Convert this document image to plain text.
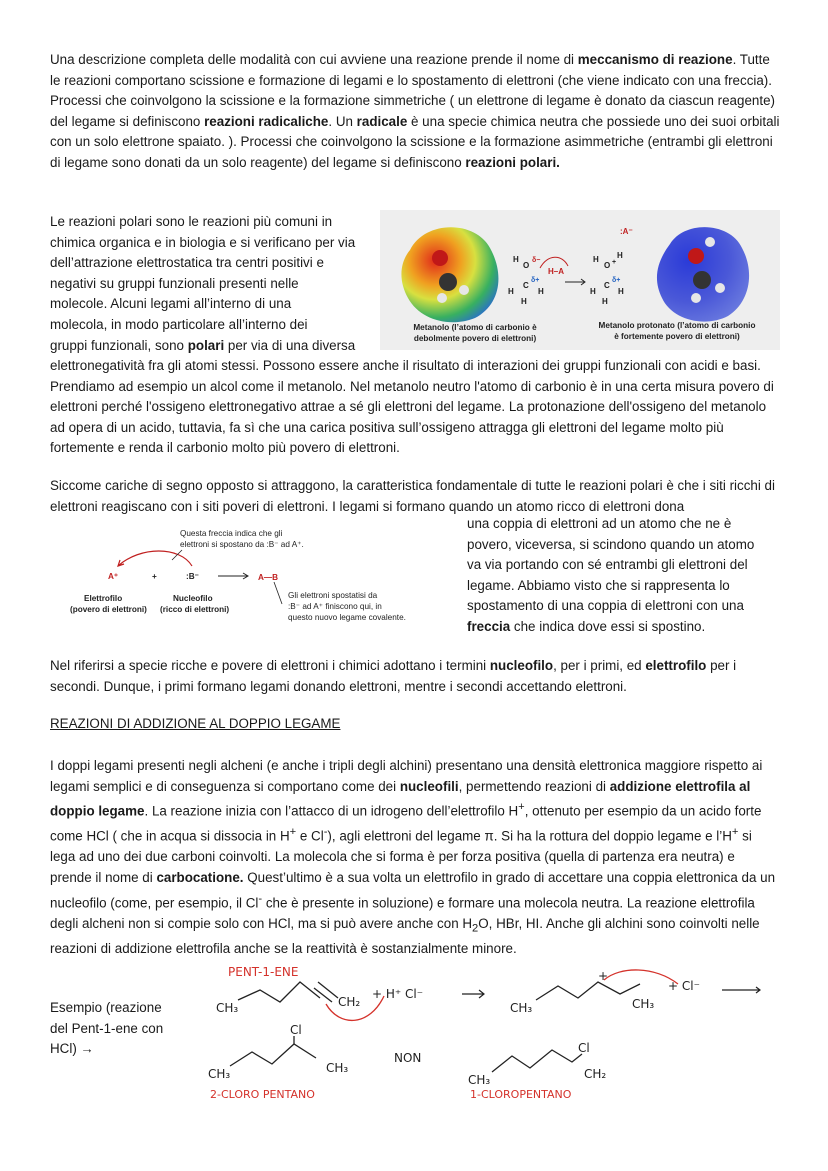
Una descrizione completa delle modalità con cui avviene una reazione prende il nome di meccanismo di reazione. Tutte le reazioni comportano scissione e formazione di legami e lo spostamento di elettroni (che viene indicato con una freccia). Processi che coinvolgono la scissione e la formazione simmetriche ( un elettrone di legame è donato da ciascun reagente) del legame si definiscono reazioni radicaliche. Un radicale è una specie chimica neutra che possiede uno dei suoi orbitali con un solo elettrone spaiato. ). Processi che coinvolgono la scissione e la formazione asimmetriche (entrambi gli elettroni di legame sono donati da un solo reagente) del legame si definiscono reazioni polari.

Le reazioni polari sono le reazioni più comuni in
chimica organica e in biologia e si verificano per via
dell’attrazione elettrostatica tra centri positivi e
negativi su gruppi funzionali presenti nelle
molecole. Alcuni legami all’interno di una
molecola, in modo particolare all’interno dei
gruppi funzionali, sono polari per via di una diversa

elettronegatività fra gli atomi stessi. Possono essere anche il risultato di interazioni dei gruppi funzionali con acidi e basi. Prendiamo ad esempio un alcol come il metanolo. Nel metanolo neutro l'atomo di carbonio è in una certa misura povero di elettroni perché l'ossigeno elettronegativo attrae a sé gli elettroni del legame. La protonazione dell'ossigeno del metanolo ad opera di un acido, tuttavia, fa sì che una carica positiva sull’ossigeno attragga gli elettroni del legame molto più fortemente e renda il carbonio molto più povero di elettroni.

H
O
δ−
C
δ+
H	H
H
H–A
:A⁻
H H
O +
C
δ+
H	H
H
Metanolo (l’atomo di carbonio è
debolmente povero di elettroni)
Metanolo protonato (l’atomo di carbonio
è fortemente povero di elettroni)

Siccome cariche di segno opposto si attraggono, la caratteristica fondamentale di tutte le reazioni polari è che i siti ricchi di elettroni reagiscano con i siti poveri di elettroni. I legami si formano quando un atomo ricco di elettroni dona

una coppia di elettroni ad un atomo che ne è
povero, viceversa, si scindono quando un atomo
va via portando con sé entrambi gli elettroni del
legame. Abbiamo visto che si rappresenta lo
spostamento di una coppia di elettroni con una
freccia che indica dove essi si spostino.

Questa freccia indica che gli
elettroni si spostano da :B⁻ ad A⁺.
A⁺	+	:B⁻	A—B
Elettrofilo
(povero di elettroni)
Nucleofilo
(ricco di elettroni)
Gli elettroni spostatisi da
:B⁻ ad A⁺ finiscono qui, in
questo nuovo legame covalente.

Nel riferirsi a specie ricche e povere di elettroni i chimici adottano i termini nucleofilo, per i primi, ed elettrofilo per i secondi. Dunque, i primi formano legami donando elettroni, mentre i secondi accettando elettroni.

REAZIONI DI ADDIZIONE AL DOPPIO LEGAME

I doppi legami presenti negli alcheni (e anche i tripli degli alchini) presentano una densità elettronica maggiore rispetto ai legami semplici e di conseguenza si comportano come dei nucleofili, permettendo reazioni di addizione elettrofila al doppio legame. La reazione inizia con l’attacco di un idrogeno dell’elettrofilo H+, ottenuto per esempio da un acido forte come HCl ( che in acqua si dissocia in H+ e Cl-), agli elettroni del legame π. Si ha la rottura del doppio legame e l’H+ si lega ad uno dei due carboni coinvolti. La molecola che si forma è per forza positiva (quella di partenza era neutra) e prende il nome di carbocatione. Quest’ultimo è a sua volta un elettrofilo in grado di accettare una coppia elettronica da un nucleofilo (come, per esempio, il Cl- che è presente in soluzione) e formare una molecola neutra. La reazione elettrofila degli alcheni non si compie solo con HCl, ma si può avere anche con $H_2O$, HBr, HI. Anche gli alchini sono coinvolti nelle reazioni di addizione elettrofila anche se la reattività è sostanzialmente minore.

Esempio (reazione
del Pent-1-ene con
HCl) →

PENT-1-ENE
CH₃	CH₂
+ H⁺ Cl⁻
CH₃	CH₃
+
+ Cl⁻
Cl
CH₃	CH₃
NON
Cl
CH₃	CH₂
2-CLORO PENTANO	1-CLOROPENTANO
